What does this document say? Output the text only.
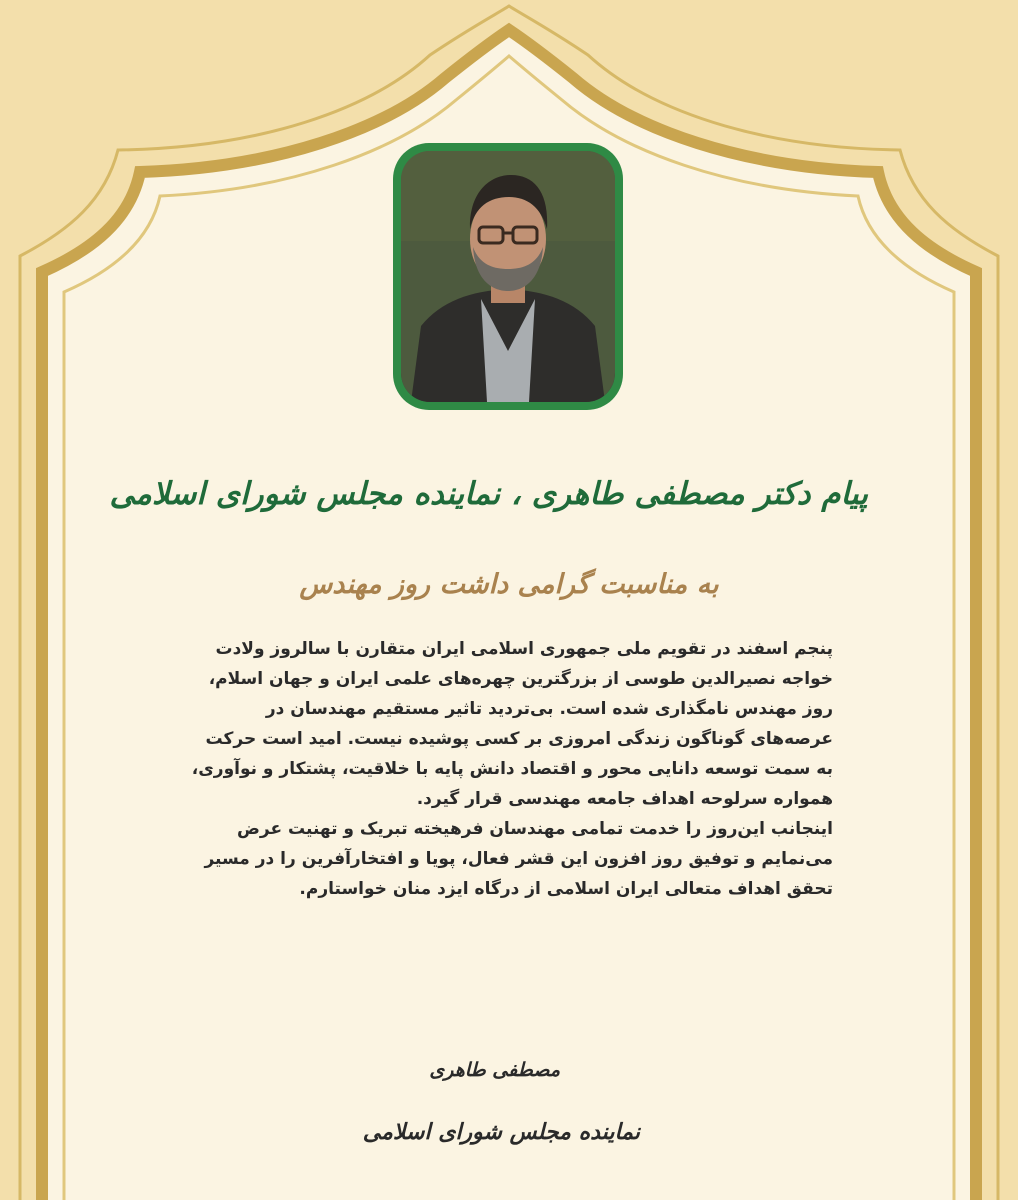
پیام دکتر مصطفی طاهری ، نماینده مجلس شورای اسلامی
به مناسبت گرامی داشت روز مهندس

پنجم اسفند در تقویم ملی جمهوری اسلامی ایران متقارن با سالروز ولادت خواجه نصیرالدین طوسی از بزرگترین چهره‌های علمی ایران و جهان اسلام، روز مهندس نامگذاری شده است. بی‌تردید تاثیر مستقیم مهندسان در عرصه‌های گوناگون زندگی امروزی بر کسی پوشیده نیست. امید است حرکت به سمت توسعه دانایی محور و اقتصاد دانش پایه با خلاقیت، پشتکار و نوآوری، همواره سرلوحه اهداف جامعه مهندسی قرار گیرد.

اینجانب این‌روز را خدمت تمامی مهندسان فرهیخته تبریک و تهنیت عرض می‌نمایم و توفیق روز افزون این قشر فعال، پویا و افتخارآفرین را در مسیر تحقق اهداف متعالی ایران اسلامی از درگاه ایزد منان خواستارم.

مصطفی طاهری
نماینده مجلس شورای اسلامی
